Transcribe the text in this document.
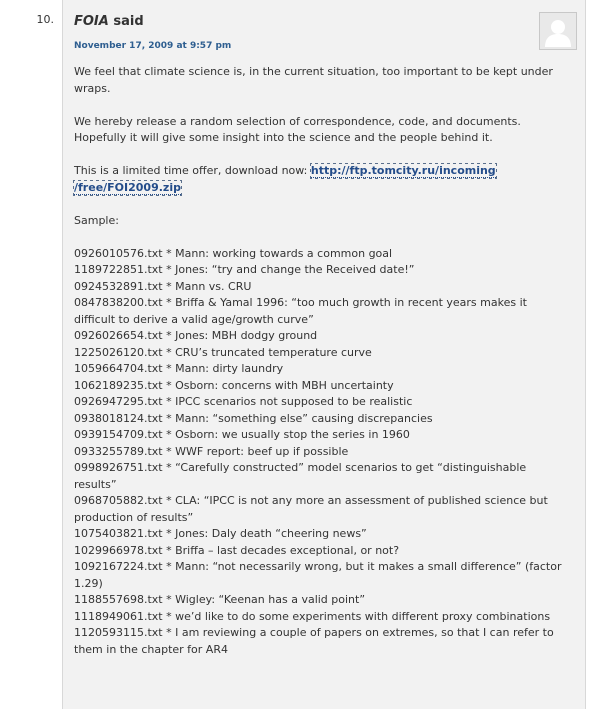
10. FOIA said
November 17, 2009 at 9:57 pm

We feel that climate science is, in the current situation, too important to be kept under wraps.

We hereby release a random selection of correspondence, code, and documents. Hopefully it will give some insight into the science and the people behind it.

This is a limited time offer, download now: http://ftp.tomcity.ru/incoming
/free/FOI2009.zip

Sample:

0926010576.txt * Mann: working towards a common goal

1189722851.txt * Jones: “try and change the Received date!”

0924532891.txt * Mann vs. CRU

0847838200.txt * Briffa & Yamal 1996: “too much growth in recent years makes it difficult to derive a valid age/growth curve”

0926026654.txt * Jones: MBH dodgy ground

1225026120.txt * CRU’s truncated temperature curve

1059664704.txt * Mann: dirty laundry

1062189235.txt * Osborn: concerns with MBH uncertainty

0926947295.txt * IPCC scenarios not supposed to be realistic

0938018124.txt * Mann: “something else” causing discrepancies

0939154709.txt * Osborn: we usually stop the series in 1960

0933255789.txt * WWF report: beef up if possible

0998926751.txt * “Carefully constructed” model scenarios to get “distinguishable results”

0968705882.txt * CLA: “IPCC is not any more an assessment of published science but production of results”

1075403821.txt * Jones: Daly death “cheering news”

1029966978.txt * Briffa – last decades exceptional, or not?

1092167224.txt * Mann: “not necessarily wrong, but it makes a small difference” (factor 1.29)

1188557698.txt * Wigley: “Keenan has a valid point”

1118949061.txt * we’d like to do some experiments with different proxy combinations

1120593115.txt * I am reviewing a couple of papers on extremes, so that I can refer to them in the chapter for AR4
